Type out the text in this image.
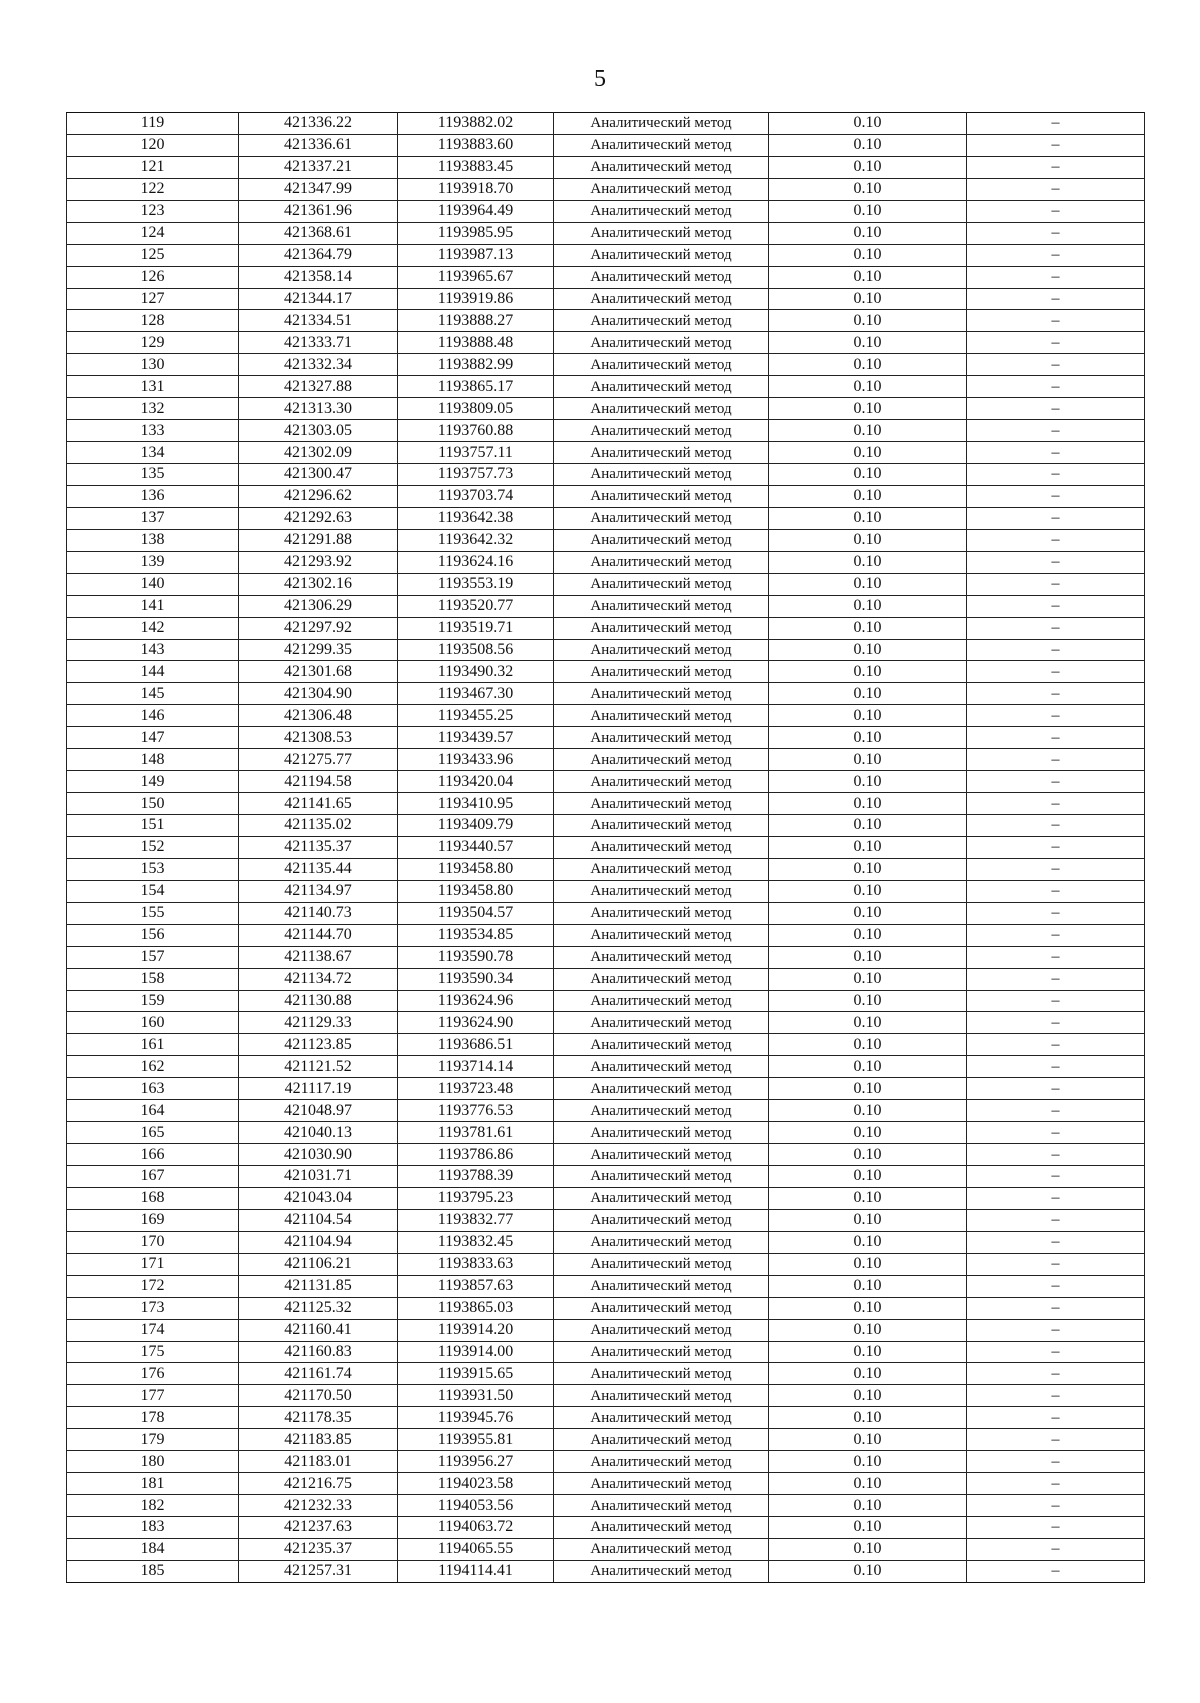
5
119	421336.22	1193882.02	Аналитический метод	0.10	–
120	421336.61	1193883.60	Аналитический метод	0.10	–
121	421337.21	1193883.45	Аналитический метод	0.10	–
122	421347.99	1193918.70	Аналитический метод	0.10	–
123	421361.96	1193964.49	Аналитический метод	0.10	–
124	421368.61	1193985.95	Аналитический метод	0.10	–
125	421364.79	1193987.13	Аналитический метод	0.10	–
126	421358.14	1193965.67	Аналитический метод	0.10	–
127	421344.17	1193919.86	Аналитический метод	0.10	–
128	421334.51	1193888.27	Аналитический метод	0.10	–
129	421333.71	1193888.48	Аналитический метод	0.10	–
130	421332.34	1193882.99	Аналитический метод	0.10	–
131	421327.88	1193865.17	Аналитический метод	0.10	–
132	421313.30	1193809.05	Аналитический метод	0.10	–
133	421303.05	1193760.88	Аналитический метод	0.10	–
134	421302.09	1193757.11	Аналитический метод	0.10	–
135	421300.47	1193757.73	Аналитический метод	0.10	–
136	421296.62	1193703.74	Аналитический метод	0.10	–
137	421292.63	1193642.38	Аналитический метод	0.10	–
138	421291.88	1193642.32	Аналитический метод	0.10	–
139	421293.92	1193624.16	Аналитический метод	0.10	–
140	421302.16	1193553.19	Аналитический метод	0.10	–
141	421306.29	1193520.77	Аналитический метод	0.10	–
142	421297.92	1193519.71	Аналитический метод	0.10	–
143	421299.35	1193508.56	Аналитический метод	0.10	–
144	421301.68	1193490.32	Аналитический метод	0.10	–
145	421304.90	1193467.30	Аналитический метод	0.10	–
146	421306.48	1193455.25	Аналитический метод	0.10	–
147	421308.53	1193439.57	Аналитический метод	0.10	–
148	421275.77	1193433.96	Аналитический метод	0.10	–
149	421194.58	1193420.04	Аналитический метод	0.10	–
150	421141.65	1193410.95	Аналитический метод	0.10	–
151	421135.02	1193409.79	Аналитический метод	0.10	–
152	421135.37	1193440.57	Аналитический метод	0.10	–
153	421135.44	1193458.80	Аналитический метод	0.10	–
154	421134.97	1193458.80	Аналитический метод	0.10	–
155	421140.73	1193504.57	Аналитический метод	0.10	–
156	421144.70	1193534.85	Аналитический метод	0.10	–
157	421138.67	1193590.78	Аналитический метод	0.10	–
158	421134.72	1193590.34	Аналитический метод	0.10	–
159	421130.88	1193624.96	Аналитический метод	0.10	–
160	421129.33	1193624.90	Аналитический метод	0.10	–
161	421123.85	1193686.51	Аналитический метод	0.10	–
162	421121.52	1193714.14	Аналитический метод	0.10	–
163	421117.19	1193723.48	Аналитический метод	0.10	–
164	421048.97	1193776.53	Аналитический метод	0.10	–
165	421040.13	1193781.61	Аналитический метод	0.10	–
166	421030.90	1193786.86	Аналитический метод	0.10	–
167	421031.71	1193788.39	Аналитический метод	0.10	–
168	421043.04	1193795.23	Аналитический метод	0.10	–
169	421104.54	1193832.77	Аналитический метод	0.10	–
170	421104.94	1193832.45	Аналитический метод	0.10	–
171	421106.21	1193833.63	Аналитический метод	0.10	–
172	421131.85	1193857.63	Аналитический метод	0.10	–
173	421125.32	1193865.03	Аналитический метод	0.10	–
174	421160.41	1193914.20	Аналитический метод	0.10	–
175	421160.83	1193914.00	Аналитический метод	0.10	–
176	421161.74	1193915.65	Аналитический метод	0.10	–
177	421170.50	1193931.50	Аналитический метод	0.10	–
178	421178.35	1193945.76	Аналитический метод	0.10	–
179	421183.85	1193955.81	Аналитический метод	0.10	–
180	421183.01	1193956.27	Аналитический метод	0.10	–
181	421216.75	1194023.58	Аналитический метод	0.10	–
182	421232.33	1194053.56	Аналитический метод	0.10	–
183	421237.63	1194063.72	Аналитический метод	0.10	–
184	421235.37	1194065.55	Аналитический метод	0.10	–
185	421257.31	1194114.41	Аналитический метод	0.10	–
